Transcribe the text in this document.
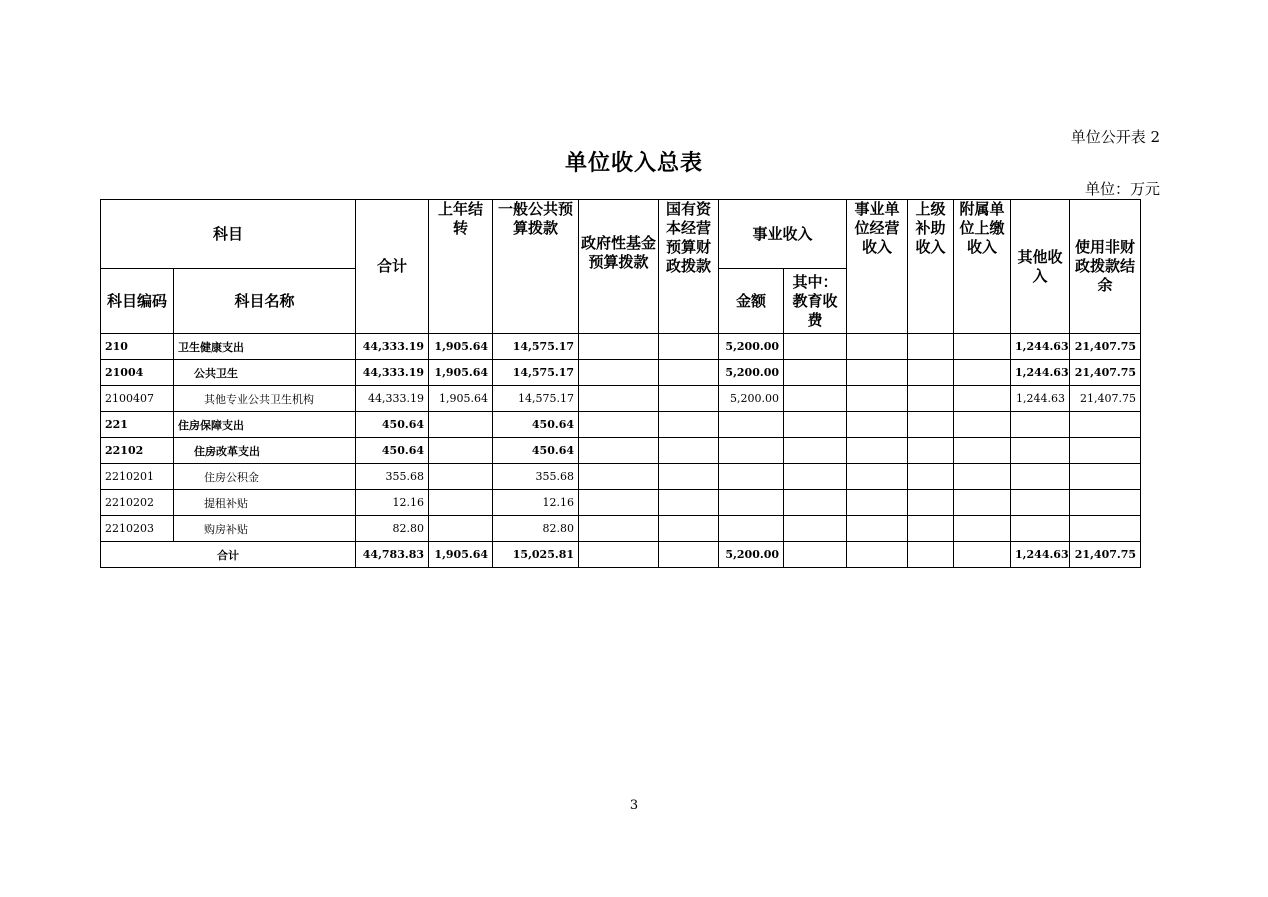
单位公开表 2
单位收入总表
单位：万元
科目		合计	上年结转	一般公共预算拨款	政府性基金预算拨款	国有资本经营预算财政拨款	事业收入		事业单位经营收入	上级补助收入	附属单位上缴收入	其他收入	使用非财政拨款结余
科目编码	科目名称						金额	其中：教育收费					
210	卫生健康支出	44,333.19	1,905.64	14,575.17			5,200.00					1,244.63	21,407.75
21004	公共卫生	44,333.19	1,905.64	14,575.17			5,200.00					1,244.63	21,407.75
2100407	其他专业公共卫生机构	44,333.19	1,905.64	14,575.17			5,200.00					1,244.63	21,407.75
221	住房保障支出	450.64		450.64									
22102	住房改革支出	450.64		450.64									
2210201	住房公积金	355.68		355.68									
2210202	提租补贴	12.16		12.16									
2210203	购房补贴	82.80		82.80									
合计		44,783.83	1,905.64	15,025.81			5,200.00					1,244.63	21,407.75
3
